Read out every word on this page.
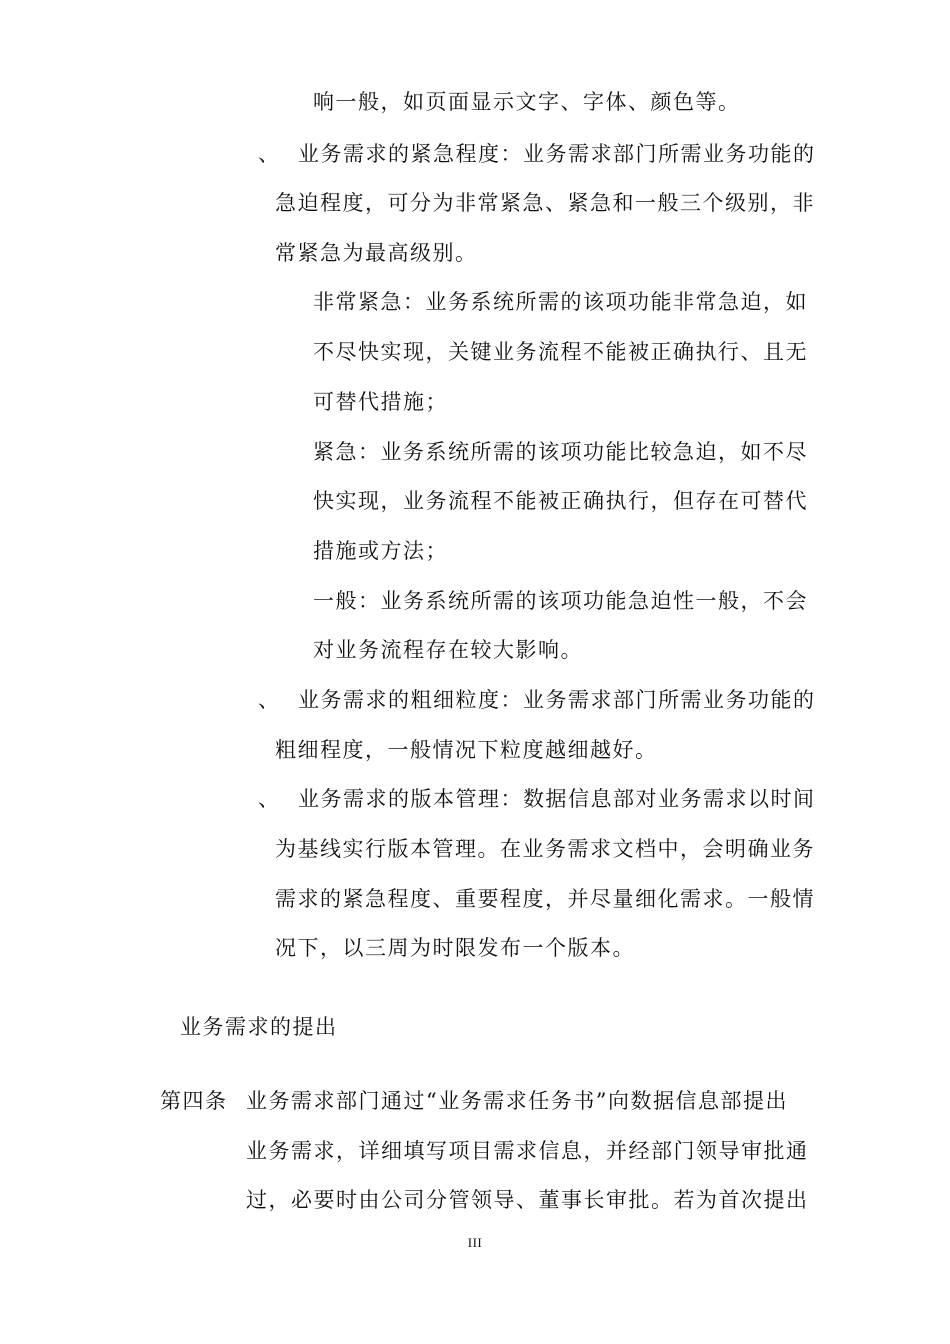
响一般，如页面显示文字、字体、颜色等。
、 业务需求的紧急程度：业务需求部门所需业务功能的
急迫程度，可分为非常紧急、紧急和一般三个级别，非
常紧急为最高级别。
非常紧急：业务系统所需的该项功能非常急迫，如
不尽快实现，关键业务流程不能被正确执行、且无
可替代措施；
紧急：业务系统所需的该项功能比较急迫，如不尽
快实现，业务流程不能被正确执行，但存在可替代
措施或方法；
一般：业务系统所需的该项功能急迫性一般，不会
对业务流程存在较大影响。
、 业务需求的粗细粒度：业务需求部门所需业务功能的
粗细程度，一般情况下粒度越细越好。
、 业务需求的版本管理：数据信息部对业务需求以时间
为基线实行版本管理。在业务需求文档中，会明确业务
需求的紧急程度、重要程度，并尽量细化需求。一般情
况下，以三周为时限发布一个版本。
业务需求的提出
第四条 业务需求部门通过“业务需求任务书”向数据信息部提出
业务需求，详细填写项目需求信息，并经部门领导审批通
过，必要时由公司分管领导、董事长审批。若为首次提出
III
